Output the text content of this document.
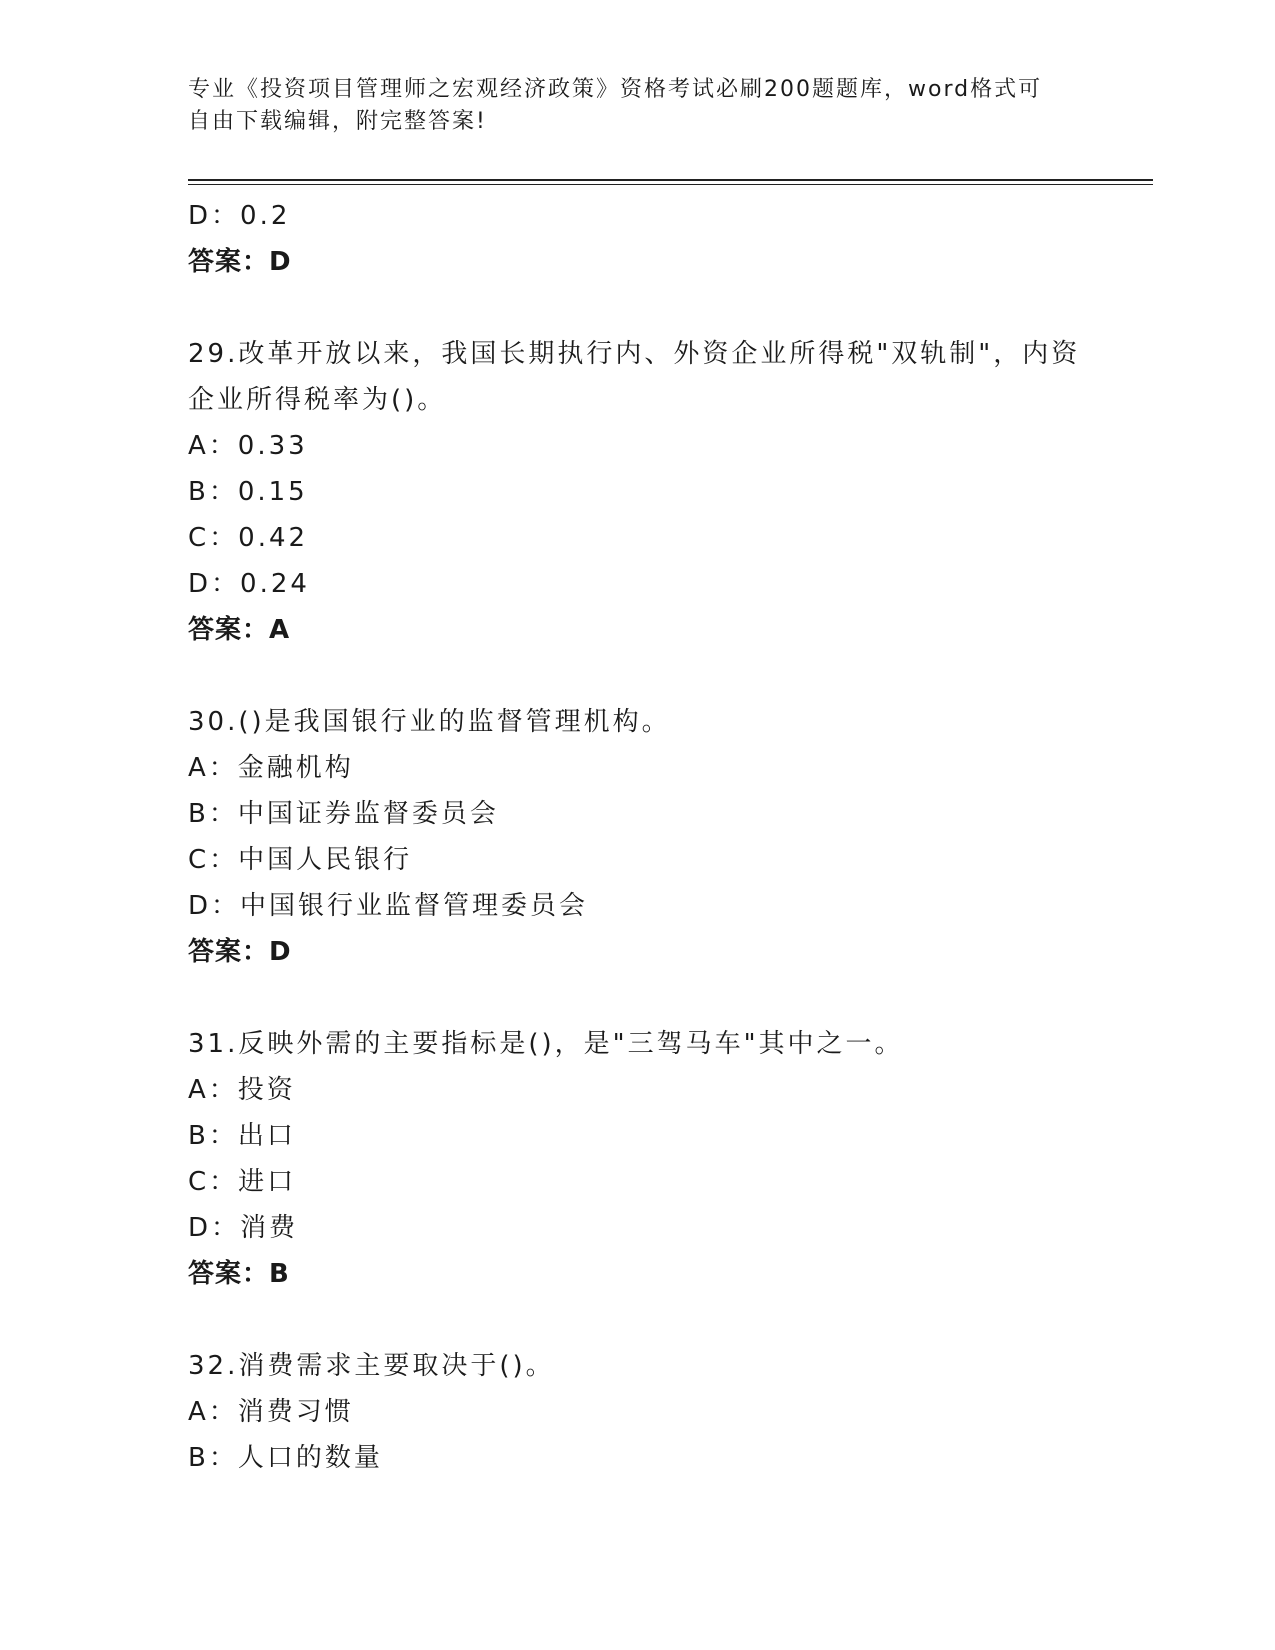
专业《投资项目管理师之宏观经济政策》资格考试必刷200题题库，word格式可
自由下载编辑，附完整答案!
D：0.2
答案：D
29.改革开放以来，我国长期执行内、外资企业所得税"双轨制"，内资
企业所得税率为()。
A：0.33
B：0.15
C：0.42
D：0.24
答案：A
30.()是我国银行业的监督管理机构。
A：金融机构
B：中国证券监督委员会
C：中国人民银行
D：中国银行业监督管理委员会
答案：D
31.反映外需的主要指标是()，是"三驾马车"其中之一。
A：投资
B：出口
C：进口
D：消费
答案：B
32.消费需求主要取决于()。
A：消费习惯
B：人口的数量
